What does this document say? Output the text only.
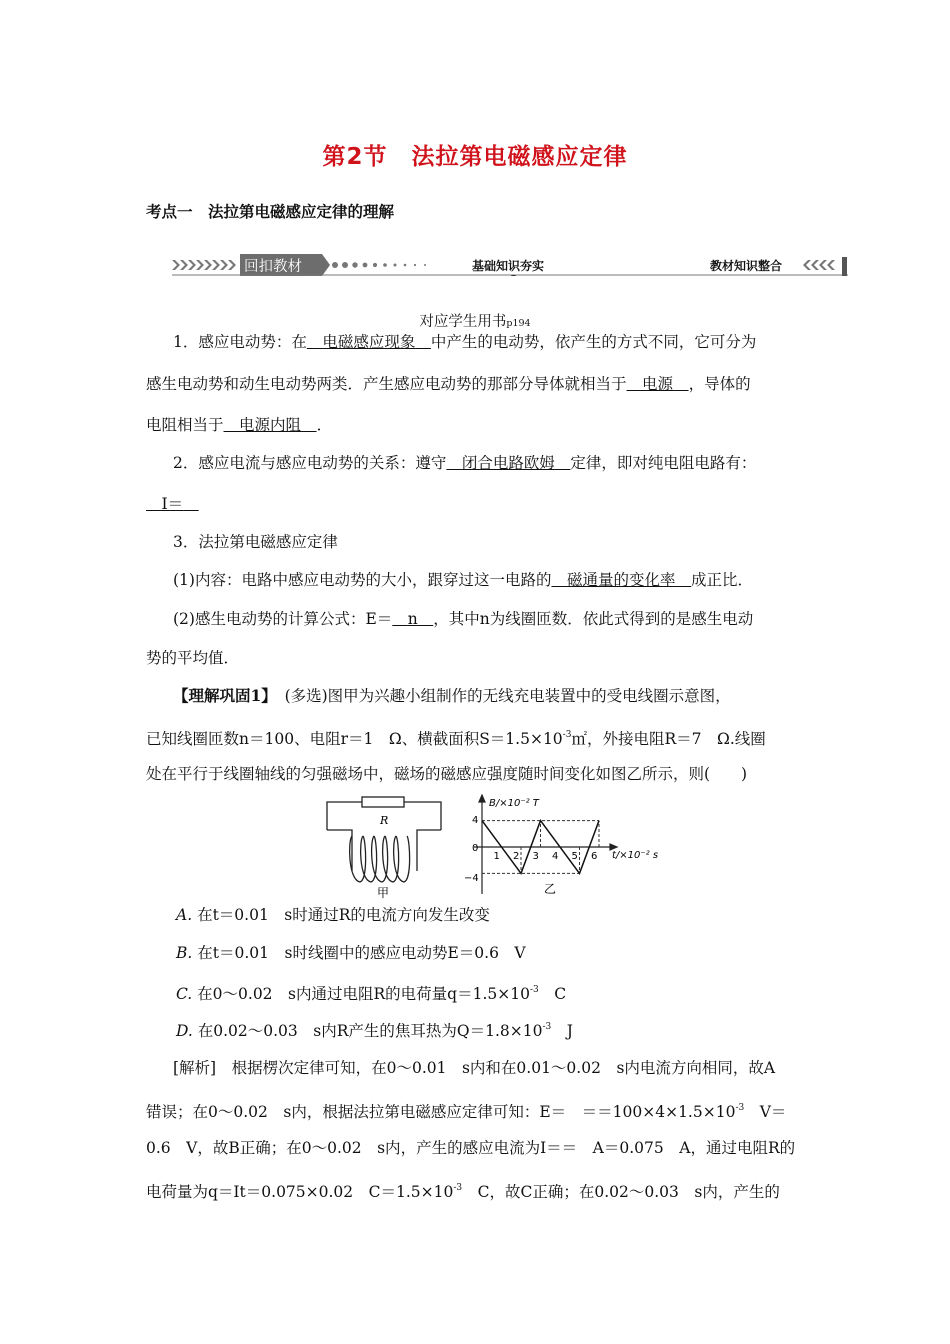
第2节　法拉第电磁感应定律
考点一　法拉第电磁感应定律的理解
回扣教材	基础知识夯实	教材知识整合
对应学生用书p194
1．感应电动势：在　 电磁感应现象　 中产生的电动势，依产生的方式不同，它可分为
感生电动势和动生电动势两类．产生感应电动势的那部分导体就相当于　 电源　 ，导体的
电阻相当于　 电源内阻　 ．
2．感应电流与感应电动势的关系：遵守　 闭合电路欧姆　 定律，即对纯电阻电路有：
　I＝　
3．法拉第电磁感应定律
(1)内容：电路中感应电动势的大小，跟穿过这一电路的　 磁通量的变化率　 成正比．
(2)感生电动势的计算公式：E＝　 n　 ，其中n为线圈匝数．依此式得到的是感生电动
势的平均值．
【理解巩固1】　 (多选)图甲为兴趣小组制作的无线充电装置中的受电线圈示意图，
已知线圈匝数n＝100、电阻r＝1　Ω、横截面积$S=1.5\times 10^{-3}㎡$，外接电阻R＝7　Ω.线圈
处在平行于线圈轴线的匀强磁场中，磁场的磁感应强度随时间变化如图乙所示，则(　　)
R
甲
B/×10⁻² T
t/×10⁻² s
4
0
−4
1 2 3 4 5 6
乙
A. 在t＝0.01　s时通过R的电流方向发生改变
B. 在t＝0.01　s时线圈中的感应电动势E＝0.6　V
C. 在0～0.02　s内通过电阻R的电荷量$q=1.5\times 10^{-3}$　C
D. 在0.02～0.03　s内R产生的焦耳热为$Q=1.8\times 10^{-3}$　J
[解析]　根据楞次定律可知，在0～0.01　s内和在0.01～0.02　s内电流方向相同，故A
错误；在0～0.02　s内，根据法拉第电磁感应定律可知：E＝　$==100\times 4\times 1.5\times 10^{-3}$　V＝
0.6　V，故B正确；在0～0.02　s内，产生的感应电流为I＝＝　A＝0.075　A，通过电阻R的
电荷量为q＝It＝0.075×0.02　$C=1.5\times 10^{-3}$　C，故C正确；在0.02～0.03　s内，产生的
